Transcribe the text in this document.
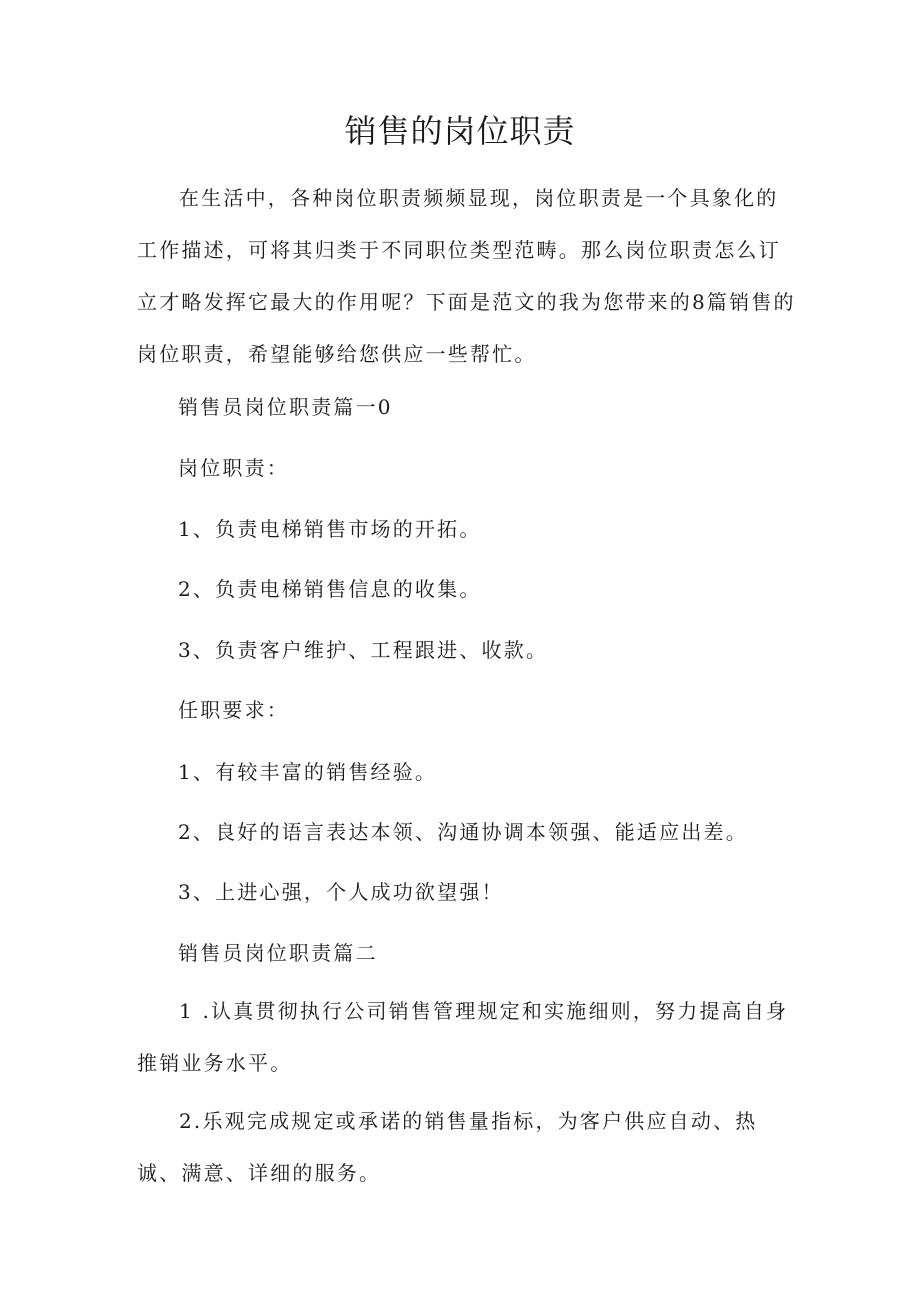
销售的岗位职责

在生活中，各种岗位职责频频显现，岗位职责是一个具象化的工作描述，可将其归类于不同职位类型范畴。那么岗位职责怎么订立才略发挥它最大的作用呢？下面是范文的我为您带来的8篇销售的岗位职责，希望能够给您供应一些帮忙。

销售员岗位职责篇一0

岗位职责：

1、负责电梯销售市场的开拓。

2、负责电梯销售信息的收集。

3、负责客户维护、工程跟进、收款。

任职要求：

1、有较丰富的销售经验。

2、良好的语言表达本领、沟通协调本领强、能适应出差。

3、上进心强，个人成功欲望强！

销售员岗位职责篇二

1 .认真贯彻执行公司销售管理规定和实施细则，努力提高自身推销业务水平。

2.乐观完成规定或承诺的销售量指标，为客户供应自动、热诚、满意、详细的服务。
